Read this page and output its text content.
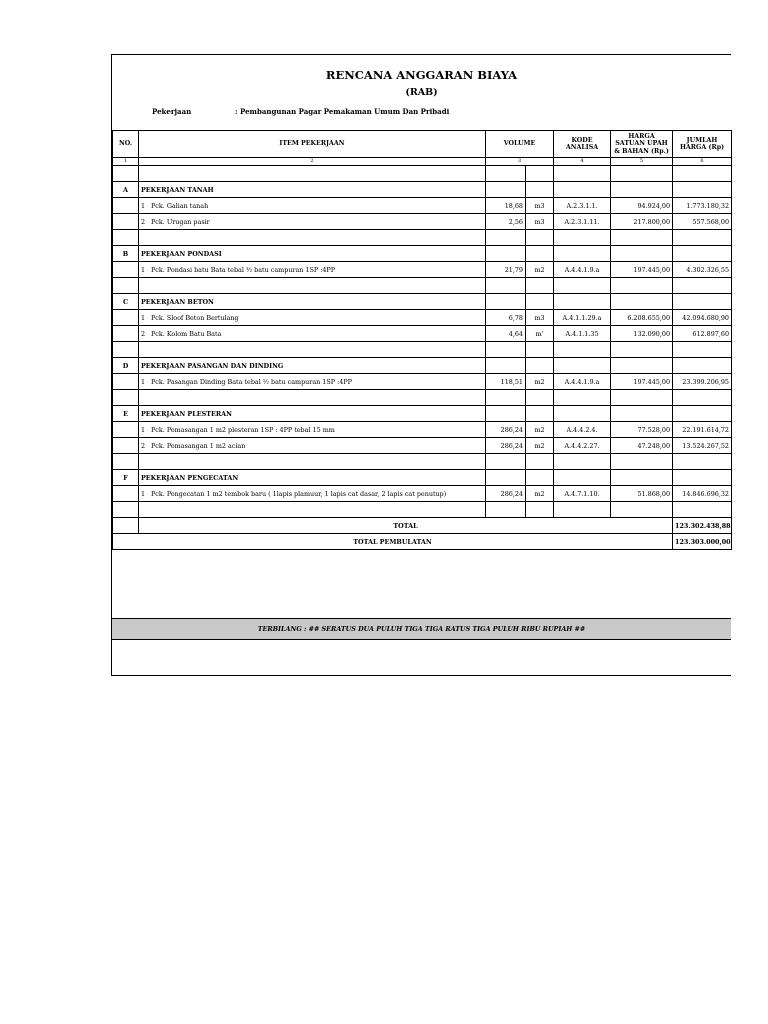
RENCANA ANGGARAN BIAYA
(RAB)
Pekerjaan	: Pembangunan Pagar Pemakaman Umum Dan Pribadi
NO.	ITEM PEKERJAAN	VOLUME		KODE ANALISA	HARGA SATUAN UPAH & BAHAN (Rp.)	JUMLAH HARGA (Rp)
1	2	3		4	5	6

A	PEKERJAAN TANAH					
	1 Pck. Galian tanah	18,68	m3	A.2.3.1.1.	94.924,00	1.773.180,32
	2 Pck. Urugan pasir	2,56	m3	A.2.3.1.11.	217.800,00	557.568,00

B	PEKERJAAN PONDASI					
	1 Pck. Pondasi batu Bata tebal ½ batu campuran 1SP :4PP	21,79	m2	A.4.4.1.9.a	197.445,00	4.302.326,55

C	PEKERJAAN BETON					
	1 Pck. Sloof Beton Bertulang	6,78	m3	A.4.1.1.29.a	6.208.655,00	42.094.680,90
	2 Pck. Kolom Batu Bata	4,64	m'	A.4.1.1.35	132.090,00	612.897,60

D	PEKERJAAN PASANGAN DAN DINDING					
	1 Pck. Pasangan Dinding Bata tebal ½ batu campuran 1SP :4PP	118,51	m2	A.4.4.1.9.a	197.445,00	23.399.206,95

E	PEKERJAAN PLESTERAN					
	1 Pck. Pemasangan 1 m2 plesteran 1SP : 4PP tebal 15 mm	286,24	m2	A.4.4.2.4.	77.528,00	22.191.614,72
	2 Pck. Pemasangan 1 m2 acian	286,24	m2	A.4.4.2.27.	47.248,00	13.524.267,52

F	PEKERJAAN PENGECATAN					
	1 Pck. Pengecatan 1 m2 tembok baru ( 1lapis plamuur, 1 lapis cat dasar, 2 lapis cat penutup)	286,24	m2	A.4.7.1.10.	51.868,00	14.846.696,32

	TOTAL					123.302.438,88
TOTAL PEMBULATAN						123.303.000,00
TERBILANG : ## SERATUS DUA PULUH TIGA TIGA RATUS TIGA PULUH RIBU RUPIAH ##
